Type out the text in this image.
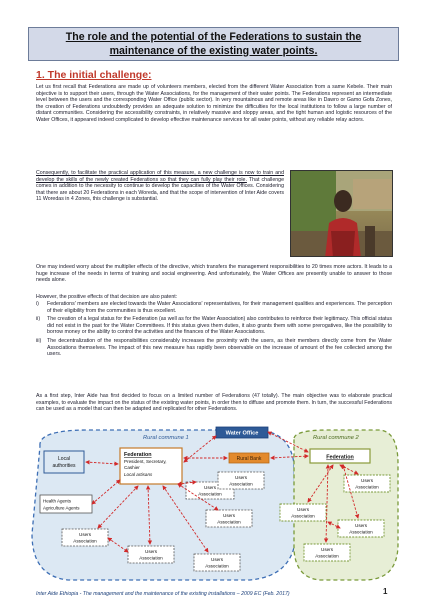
The role and the potential of the Federations to sustain the
maintenance of the existing water points.
1. The initial challenge:
Let us first recall that Federations are made up of volunteers members, elected from the different Water Association from a same Kebele. Their main objective is to support their users, through the Water Associations, for the management of their water points. The Federations represent an intermediate level between the users and the corresponding Water Office (public sector). In very mountainous and remote areas like in Dawro or Gamo Gofa Zones, the creation of Federations undoubtedly provides an adequate solution to minimize the difficulties for the local institutions to follow a large number of distant communities. Considering the accessibility constraints, in relatively massive and sloppy areas, and the tight human and logistic resources of the Water Offices, it appeared indeed complicated to develop effective maintenance services for all water points, without any reliable relay actors.
Consequently, to facilitate the practical application of this measure, a new challenge is now to train and develop the skills of the newly created Federations so that they can fully play their role. That challenge comes in addition to the necessity to continue to develop the capacities of the Water Offices. Considering that there are about 20 Federations in each Woreda, and that the scope of intervention of Inter Aide covers 11 Woredas in 4 Zones, this challenge is substantial.
One may indeed worry about the multiplier effects of the directive, which transfers the management responsibilities to 20 times more actors. It leads to a huge increase of the needs in terms of training and social engineering. And unfortunately, the Water Offices are presently unable to answer to those needs alone.
However, the positive effects of that decision are also patent:
i)	Federations' members are elected towards the Water Associations' representatives, for their management qualities and experiences. The perception of their eligibility from the communities is thus excellent.
ii)	The creation of a legal status for the Federation (as well as for the Water Association) also contributes to reinforce their legitimacy. This official status did not exist in the past for the Water Committees. If this status gives them duties, it also grants them with some prerogatives, like the possibility to borrow money or the ability to control the activities and the finances of the Water Associations.
iii)	The decentralization of the responsibilities considerably increases the proximity with the users, as their members directly come from the Water Associations themselves. The impact of this new measure has rapidly been observable on the increase of amount of the fee collected among the users.
As a first step, Inter Aide has first decided to focus on a limited number of Federations (47 totally). The main objective was to elaborate practical examples, to evaluate the impact on the status of the existing water points, in order then to diffuse and promote them. In turn, the successful Federations can be used as a model that can then be adapted and replicated for other Federations.
Rural commune 1	Rural commune 2
Water Office
Rural Bank
Local
authorities
Federation
President, Secretary,
Cashier
Local artisans
Health Agents
Agriculture Agents
Federation
Users
Association
Users
Association
Users
Association
Users
Association
Users
Association	Users
Association
Users
Association
Users
Association
Users
Association
Users
Association
Inter Aide Ethiopia - The management and the maintenance of the existing installations – 2009 EC (Feb. 2017)	1
